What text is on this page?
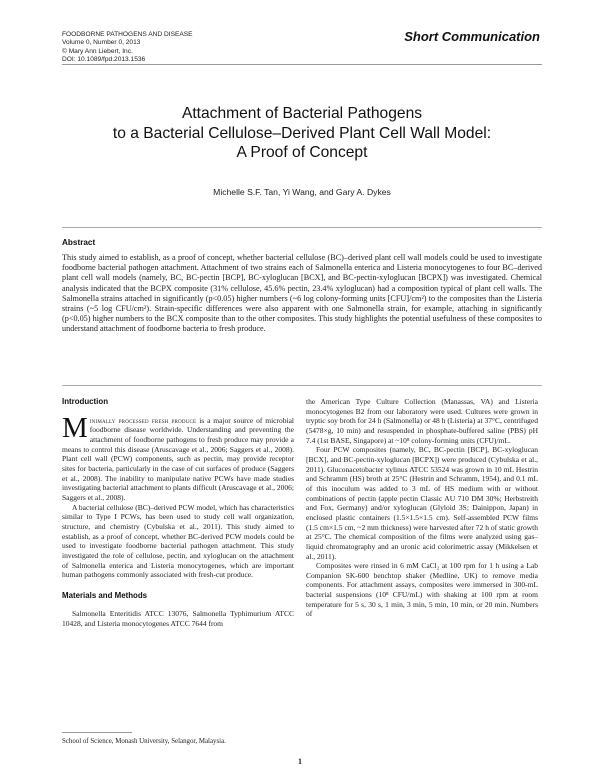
FOODBORNE PATHOGENS AND DISEASE
Volume 0, Number 0, 2013
© Mary Ann Liebert, Inc.
DOI: 10.1089/fpd.2013.1536
Short Communication
Attachment of Bacterial Pathogens
to a Bacterial Cellulose–Derived Plant Cell Wall Model:
A Proof of Concept
Michelle S.F. Tan, Yi Wang, and Gary A. Dykes
Abstract
This study aimed to establish, as a proof of concept, whether bacterial cellulose (BC)–derived plant cell wall models could be used to investigate foodborne bacterial pathogen attachment. Attachment of two strains each of Salmonella enterica and Listeria monocytogenes to four BC–derived plant cell wall models (namely, BC, BC-pectin [BCP], BC-xyloglucan [BCX], and BC-pectin-xyloglucan [BCPX]) was investigated. Chemical analysis indicated that the BCPX composite (31% cellulose, 45.6% pectin, 23.4% xyloglucan) had a composition typical of plant cell walls. The Salmonella strains attached in significantly (p<0.05) higher numbers (~6 log colony-forming units [CFU]/cm²) to the composites than the Listeria strains (~5 log CFU/cm²). Strain-specific differences were also apparent with one Salmonella strain, for example, attaching in significantly (p<0.05) higher numbers to the BCX composite than to the other composites. This study highlights the potential usefulness of these composites to understand attachment of foodborne bacteria to fresh produce.
Introduction

Minimally processed fresh produce is a major source of microbial foodborne disease worldwide. Understanding and preventing the attachment of foodborne pathogens to fresh produce may provide a means to control this disease (Aruscavage et al., 2006; Saggers et al., 2008). Plant cell wall (PCW) components, such as pectin, may provide receptor sites for bacteria, particularly in the case of cut surfaces of produce (Saggers et al., 2008). The inability to manipulate native PCWs have made studies investigating bacterial attachment to plants difficult (Aruscavage et al., 2006; Saggers et al., 2008).

A bacterial cellulose (BC)–derived PCW model, which has characteristics similar to Type I PCWs, has been used to study cell wall organization, structure, and chemistry (Cybulska et al., 2011). This study aimed to establish, as a proof of concept, whether BC-derived PCW models could be used to investigate foodborne bacterial pathogen attachment. This study investigated the role of cellulose, pectin, and xyloglucan on the attachment of Salmonella enterica and Listeria monocytogenes, which are important human pathogens commonly associated with fresh-cut produce.

Materials and Methods

Salmonella Enteritidis ATCC 13076, Salmonella Typhimurium ATCC 10428, and Listeria monocytogenes ATCC 7644 from

the American Type Culture Collection (Manassas, VA) and Listeria monocytogenes B2 from our laboratory were used. Cultures were grown in tryptic soy broth for 24 h (Salmonella) or 48 h (Listeria) at 37°C, centrifuged (5478×g, 10 min) and resuspended in phosphate-buffered saline (PBS) pH 7.4 (1st BASE, Singapore) at ~10⁸ colony-forming units (CFU)/mL.

Four PCW composites (namely, BC, BC-pectin [BCP], BC-xyloglucan [BCX], and BC-pectin-xyloglucan [BCPX]) were produced (Cybulska et al., 2011). Gluconacetobacter xylinus ATCC 53524 was grown in 10 mL Hestrin and Schramm (HS) broth at 25°C (Hestrin and Schramm, 1954), and 0.1 mL of this inoculum was added to 3 mL of HS medium with or without combinations of pectin (apple pectin Classic AU 710 DM 30%; Herbstreith and Fox, Germany) and/or xyloglucan (Glyloid 3S; Dainippon, Japan) in enclosed plastic containers (1.5×1.5×1.5 cm). Self-assembled PCW films (1.5 cm×1.5 cm, ~2 mm thickness) were harvested after 72 h of static growth at 25°C. The chemical composition of the films were analyzed using gas–liquid chromatography and an uronic acid colorimetric assay (Mikkelsen et al., 2011).

Composites were rinsed in 6 mM CaCl₂ at 100 rpm for 1 h using a Lab Companion SK-600 benchtop shaker (Medline, UK) to remove media components. For attachment assays, composites were immersed in 300-mL bacterial suspensions (10⁸ CFU/mL) with shaking at 100 rpm at room temperature for 5 s, 30 s, 1 min, 3 min, 5 min, 10 min, or 20 min. Numbers of

School of Science, Monash University, Selangor, Malaysia.
1
